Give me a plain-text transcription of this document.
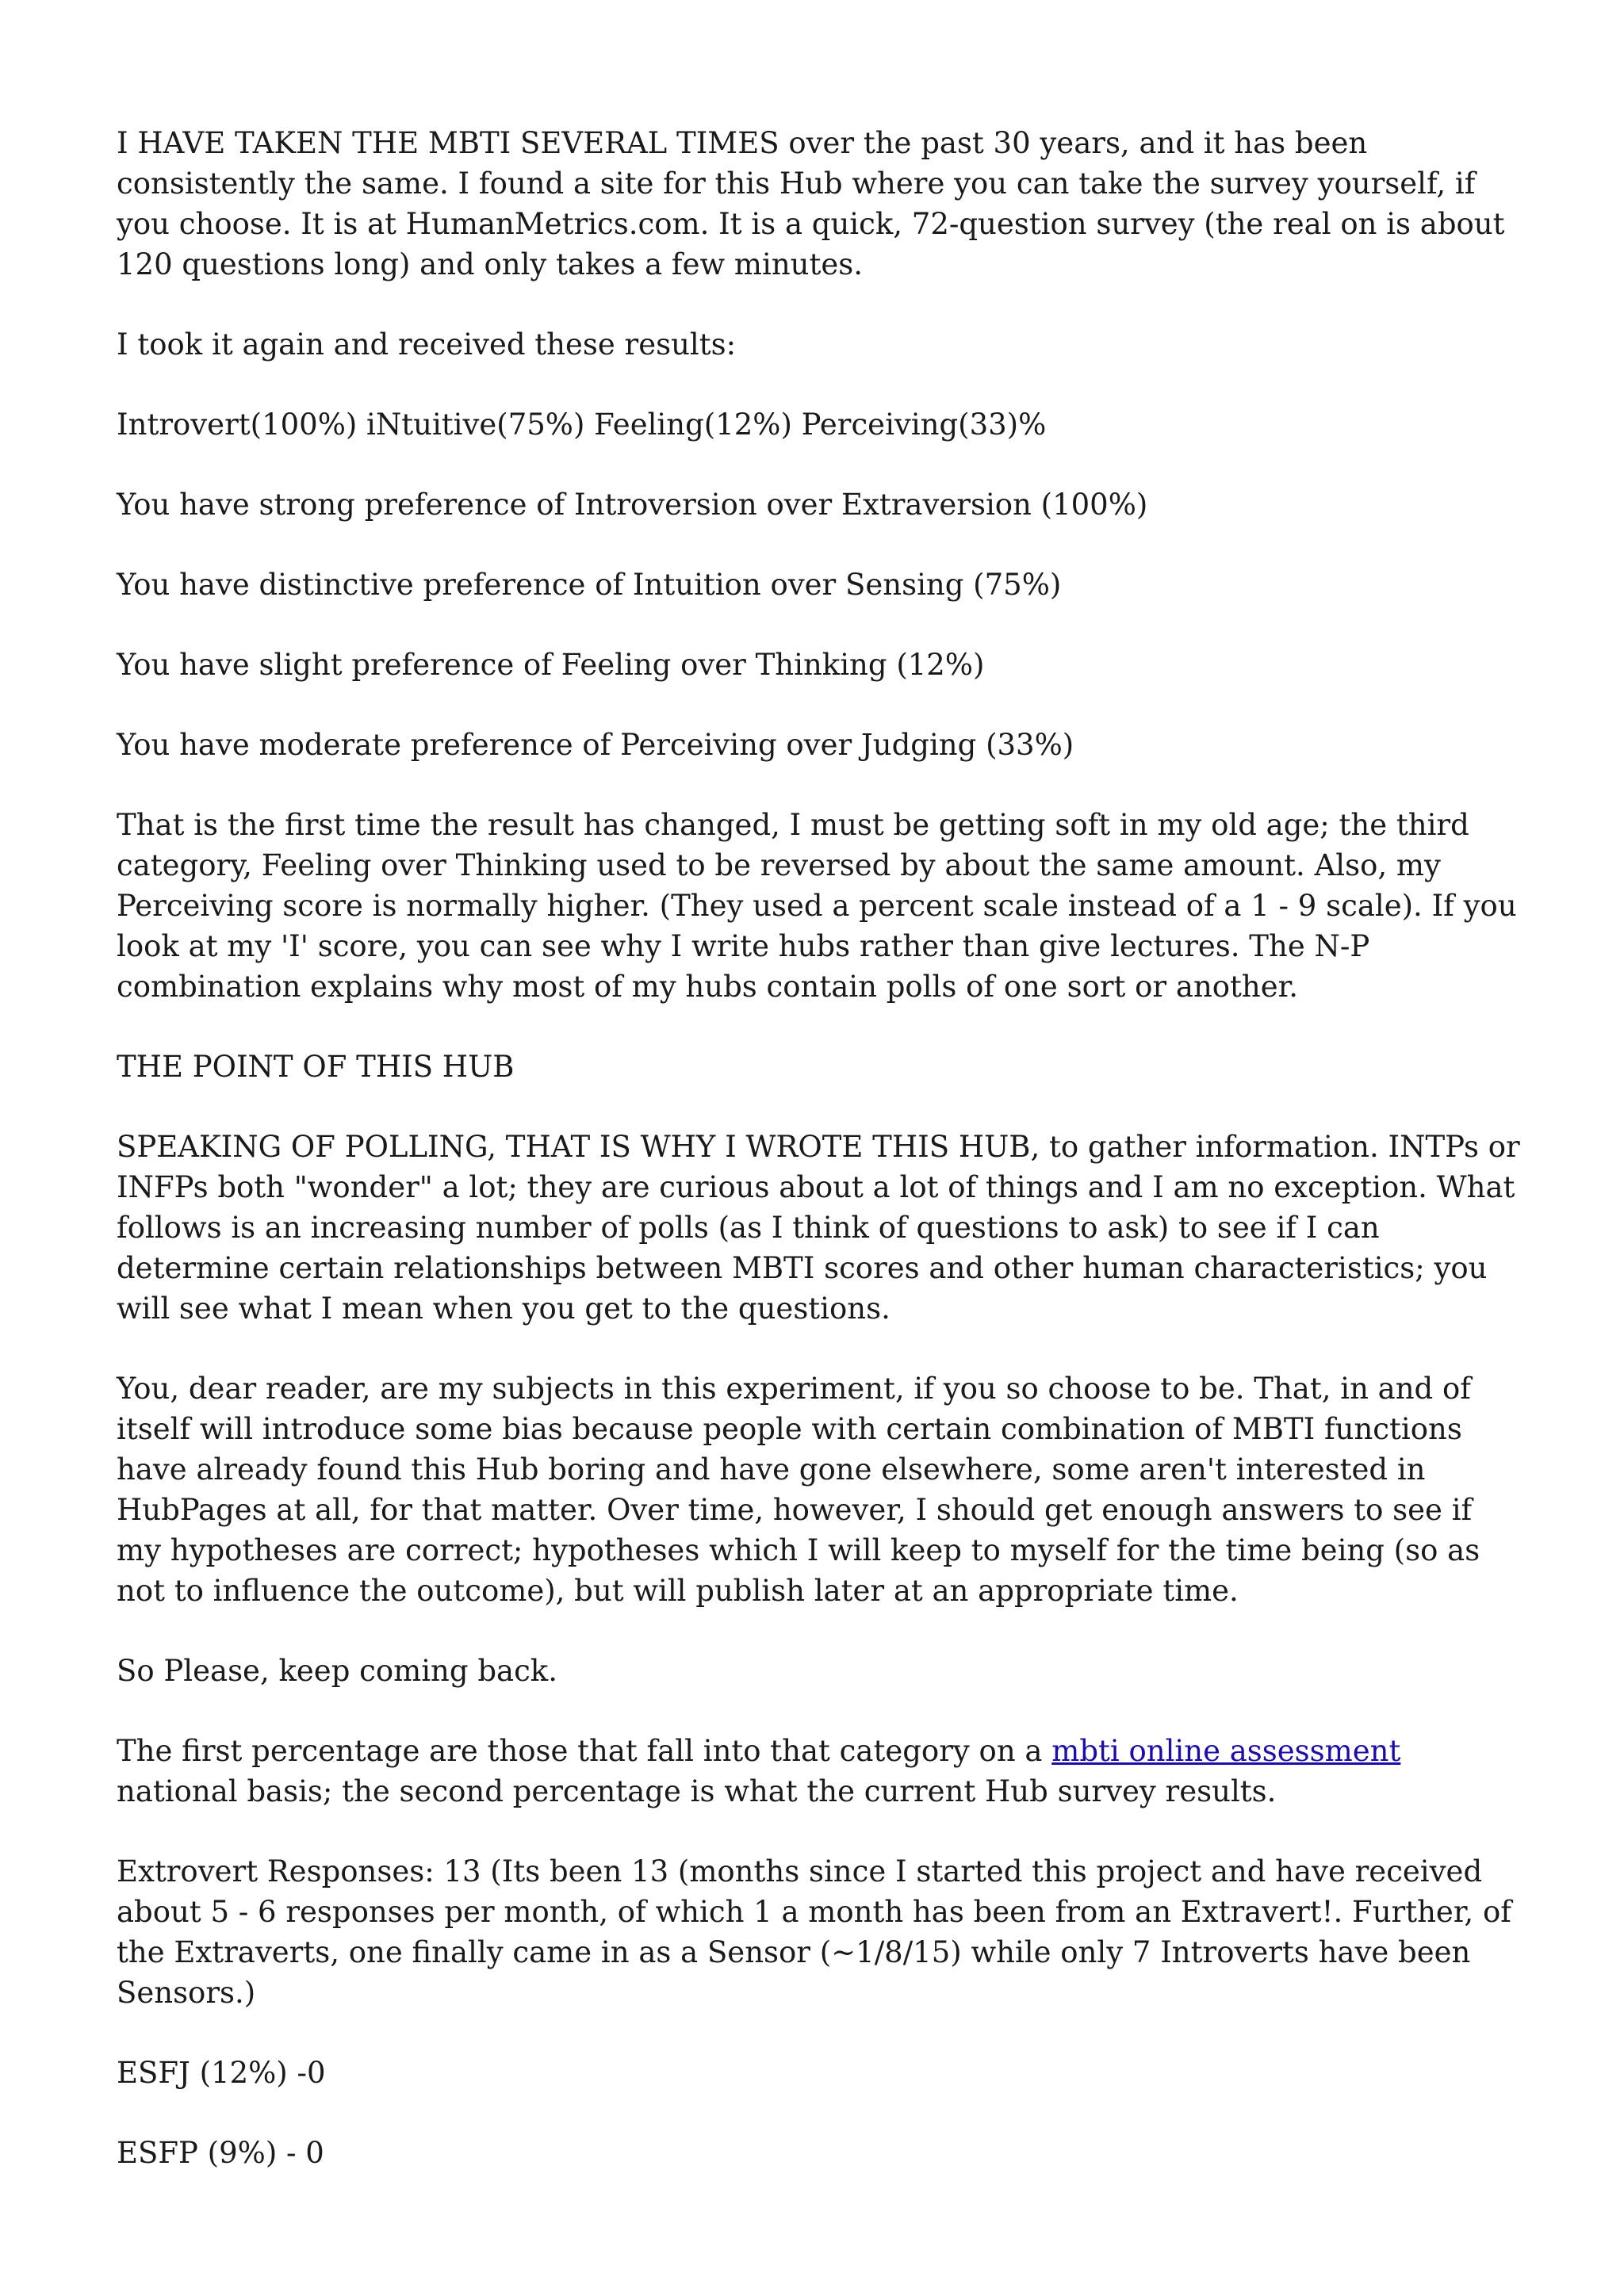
I HAVE TAKEN THE MBTI SEVERAL TIMES over the past 30 years, and it has been consistently the same. I found a site for this Hub where you can take the survey yourself, if you choose. It is at HumanMetrics.com. It is a quick, 72-question survey (the real on is about 120 questions long) and only takes a few minutes.

I took it again and received these results:

Introvert(100%) iNtuitive(75%) Feeling(12%) Perceiving(33)%

You have strong preference of Introversion over Extraversion (100%)

You have distinctive preference of Intuition over Sensing (75%)

You have slight preference of Feeling over Thinking (12%)

You have moderate preference of Perceiving over Judging (33%)

That is the first time the result has changed, I must be getting soft in my old age; the third category, Feeling over Thinking used to be reversed by about the same amount. Also, my Perceiving score is normally higher. (They used a percent scale instead of a 1 - 9 scale). If you look at my 'I' score, you can see why I write hubs rather than give lectures. The N-P combination explains why most of my hubs contain polls of one sort or another.

THE POINT OF THIS HUB

SPEAKING OF POLLING, THAT IS WHY I WROTE THIS HUB, to gather information. INTPs or INFPs both "wonder" a lot; they are curious about a lot of things and I am no exception. What follows is an increasing number of polls (as I think of questions to ask) to see if I can determine certain relationships between MBTI scores and other human characteristics; you will see what I mean when you get to the questions.

You, dear reader, are my subjects in this experiment, if you so choose to be. That, in and of itself will introduce some bias because people with certain combination of MBTI functions have already found this Hub boring and have gone elsewhere, some aren't interested in HubPages at all, for that matter. Over time, however, I should get enough answers to see if my hypotheses are correct; hypotheses which I will keep to myself for the time being (so as not to influence the outcome), but will publish later at an appropriate time.

So Please, keep coming back.

The first percentage are those that fall into that category on a mbti online assessment national basis; the second percentage is what the current Hub survey results.

Extrovert Responses: 13 (Its been 13 (months since I started this project and have received about 5 - 6 responses per month, of which 1 a month has been from an Extravert!. Further, of the Extraverts, one finally came in as a Sensor (~1/8/15) while only 7 Introverts have been Sensors.)

ESFJ (12%) -0

ESFP (9%) - 0
